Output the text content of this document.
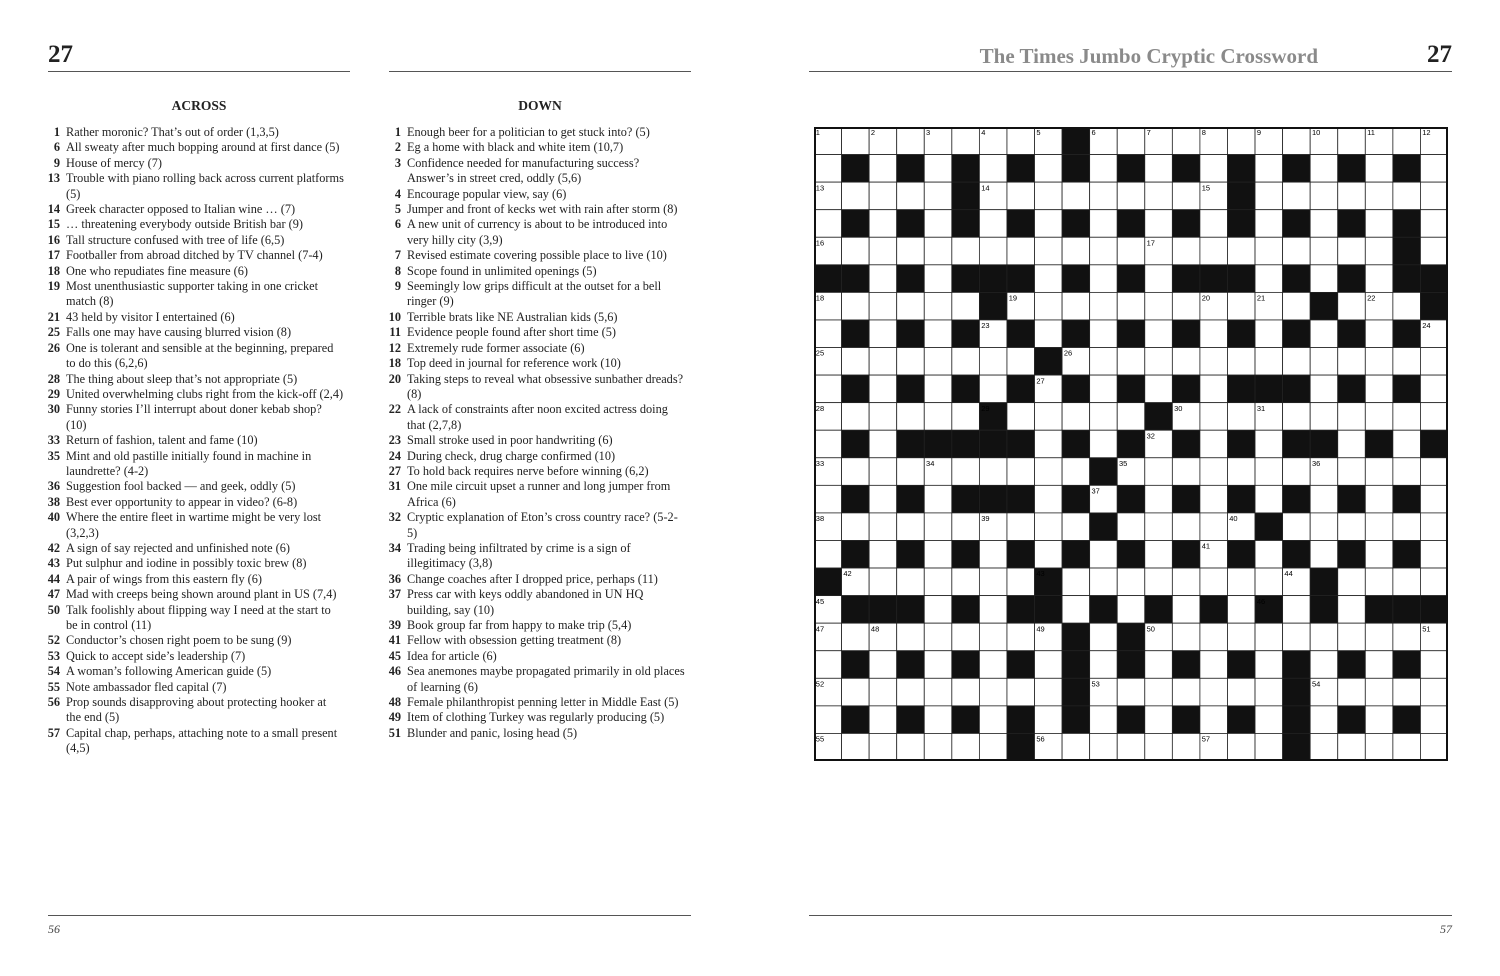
27	The Times Jumbo Cryptic Crossword	27
ACROSS
1 Rather moronic? That’s out of order (1,3,5)
6 All sweaty after much bopping around at first dance (5)
9 House of mercy (7)
13 Trouble with piano rolling back across current platforms (5)
14 Greek character opposed to Italian wine … (7)
15 … threatening everybody outside British bar (9)
16 Tall structure confused with tree of life (6,5)
17 Footballer from abroad ditched by TV channel (7-4)
18 One who repudiates fine measure (6)
19 Most unenthusiastic supporter taking in one cricket match (8)
21 43 held by visitor I entertained (6)
25 Falls one may have causing blurred vision (8)
26 One is tolerant and sensible at the beginning, prepared to do this (6,2,6)
28 The thing about sleep that’s not appropriate (5)
29 United overwhelming clubs right from the kick-off (2,4)
30 Funny stories I’ll interrupt about doner kebab shop? (10)
33 Return of fashion, talent and fame (10)
35 Mint and old pastille initially found in machine in laundrette? (4-2)
36 Suggestion fool backed — and geek, oddly (5)
38 Best ever opportunity to appear in video? (6-8)
40 Where the entire fleet in wartime might be very lost (3,2,3)
42 A sign of say rejected and unfinished note (6)
43 Put sulphur and iodine in possibly toxic brew (8)
44 A pair of wings from this eastern fly (6)
47 Mad with creeps being shown around plant in US (7,4)
50 Talk foolishly about flipping way I need at the start to be in control (11)
52 Conductor’s chosen right poem to be sung (9)
53 Quick to accept side’s leadership (7)
54 A woman’s following American guide (5)
55 Note ambassador fled capital (7)
56 Prop sounds disapproving about protecting hooker at the end (5)
57 Capital chap, perhaps, attaching note to a small present (4,5)
DOWN
1 Enough beer for a politician to get stuck into? (5)
2 Eg a home with black and white item (10,7)
3 Confidence needed for manufacturing success? Answer’s in street cred, oddly (5,6)
4 Encourage popular view, say (6)
5 Jumper and front of kecks wet with rain after storm (8)
6 A new unit of currency is about to be introduced into very hilly city (3,9)
7 Revised estimate covering possible place to live (10)
8 Scope found in unlimited openings (5)
9 Seemingly low grips difficult at the outset for a bell ringer (9)
10 Terrible brats like NE Australian kids (5,6)
11 Evidence people found after short time (5)
12 Extremely rude former associate (6)
18 Top deed in journal for reference work (10)
20 Taking steps to reveal what obsessive sunbather dreads? (8)
22 A lack of constraints after noon excited actress doing that (2,7,8)
23 Small stroke used in poor handwriting (6)
24 During check, drug charge confirmed (10)
27 To hold back requires nerve before winning (6,2)
31 One mile circuit upset a runner and long jumper from Africa (6)
32 Cryptic explanation of Eton’s cross country race? (5-2-5)
34 Trading being infiltrated by crime is a sign of illegitimacy (3,8)
36 Change coaches after I dropped price, perhaps (11)
37 Press car with keys oddly abandoned in UN HQ building, say (10)
39 Book group far from happy to make trip (5,4)
41 Fellow with obsession getting treatment (8)
45 Idea for article (6)
46 Sea anemones maybe propagated primarily in old places of learning (6)
48 Female philanthropist penning letter in Middle East (5)
49 Item of clothing Turkey was regularly producing (5)
51 Blunder and panic, losing head (5)
1	2	3	4	5	6	7	8	9	10	11	12
13	14	15
16	17
18	19	20	21	22
23	24
25	26
27
28	29	30	31
32
33	34	35	36
37
38	39	40
41
42	43	44
45	46
47	48	49	50	51
52	53	54
55	56	57
56	57
